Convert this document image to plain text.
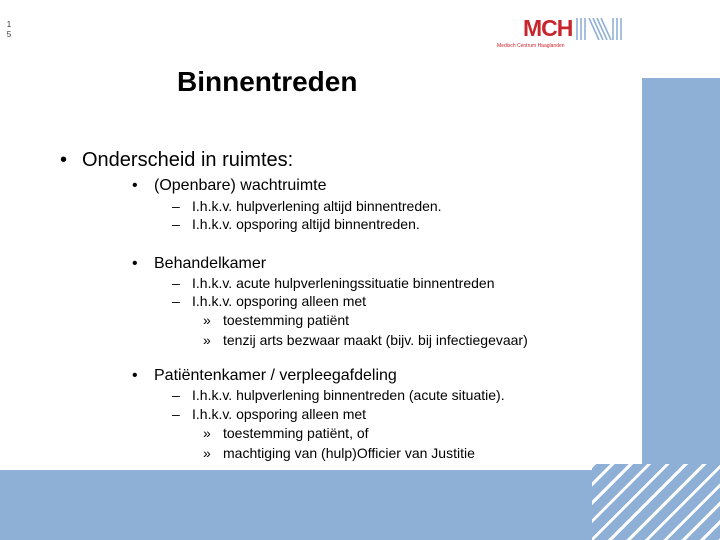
1
5	MCH
Medisch Centrum Haaglanden
Binnentreden
• Onderscheid in ruimtes:
• (Openbare) wachtruimte
– I.h.k.v. hulpverlening altijd binnentreden.
– I.h.k.v. opsporing altijd binnentreden.
• Behandelkamer
– I.h.k.v. acute hulpverleningssituatie binnentreden
– I.h.k.v. opsporing alleen met
» toestemming patiënt
» tenzij arts bezwaar maakt (bijv. bij infectiegevaar)
• Patiëntenkamer / verpleegafdeling
– I.h.k.v. hulpverlening binnentreden (acute situatie).
– I.h.k.v. opsporing alleen met
» toestemming patiënt, of
» machtiging van (hulp)Officier van Justitie
